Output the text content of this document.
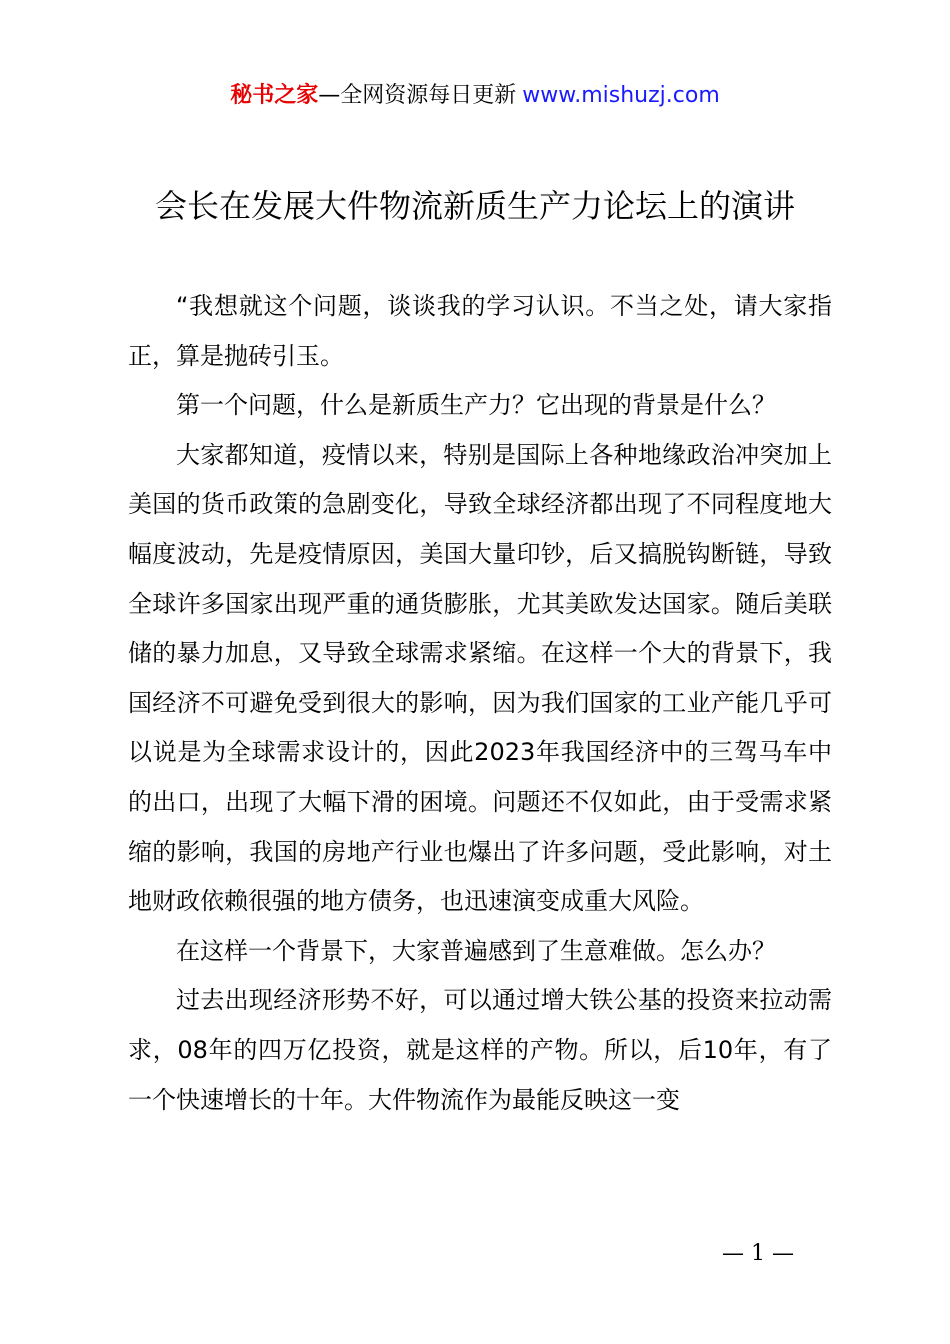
秘书之家—全网资源每日更新 www.mishuzj.com
会长在发展大件物流新质生产力论坛上的演讲

“我想就这个问题，谈谈我的学习认识。不当之处，请大家指正，算是抛砖引玉。

第一个问题，什么是新质生产力？它出现的背景是什么？

大家都知道，疫情以来，特别是国际上各种地缘政治冲突加上美国的货币政策的急剧变化，导致全球经济都出现了不同程度地大幅度波动，先是疫情原因，美国大量印钞，后又搞脱钩断链，导致全球许多国家出现严重的通货膨胀，尤其美欧发达国家。随后美联储的暴力加息，又导致全球需求紧缩。在这样一个大的背景下，我国经济不可避免受到很大的影响，因为我们国家的工业产能几乎可以说是为全球需求设计的，因此2023年我国经济中的三驾马车中的出口，出现了大幅下滑的困境。问题还不仅如此，由于受需求紧缩的影响，我国的房地产行业也爆出了许多问题，受此影响，对土地财政依赖很强的地方债务，也迅速演变成重大风险。

在这样一个背景下，大家普遍感到了生意难做。怎么办？

过去出现经济形势不好，可以通过增大铁公基的投资来拉动需求，08年的四万亿投资，就是这样的产物。所以，后10年，有了一个快速增长的十年。大件物流作为最能反映这一变

— 1 —
